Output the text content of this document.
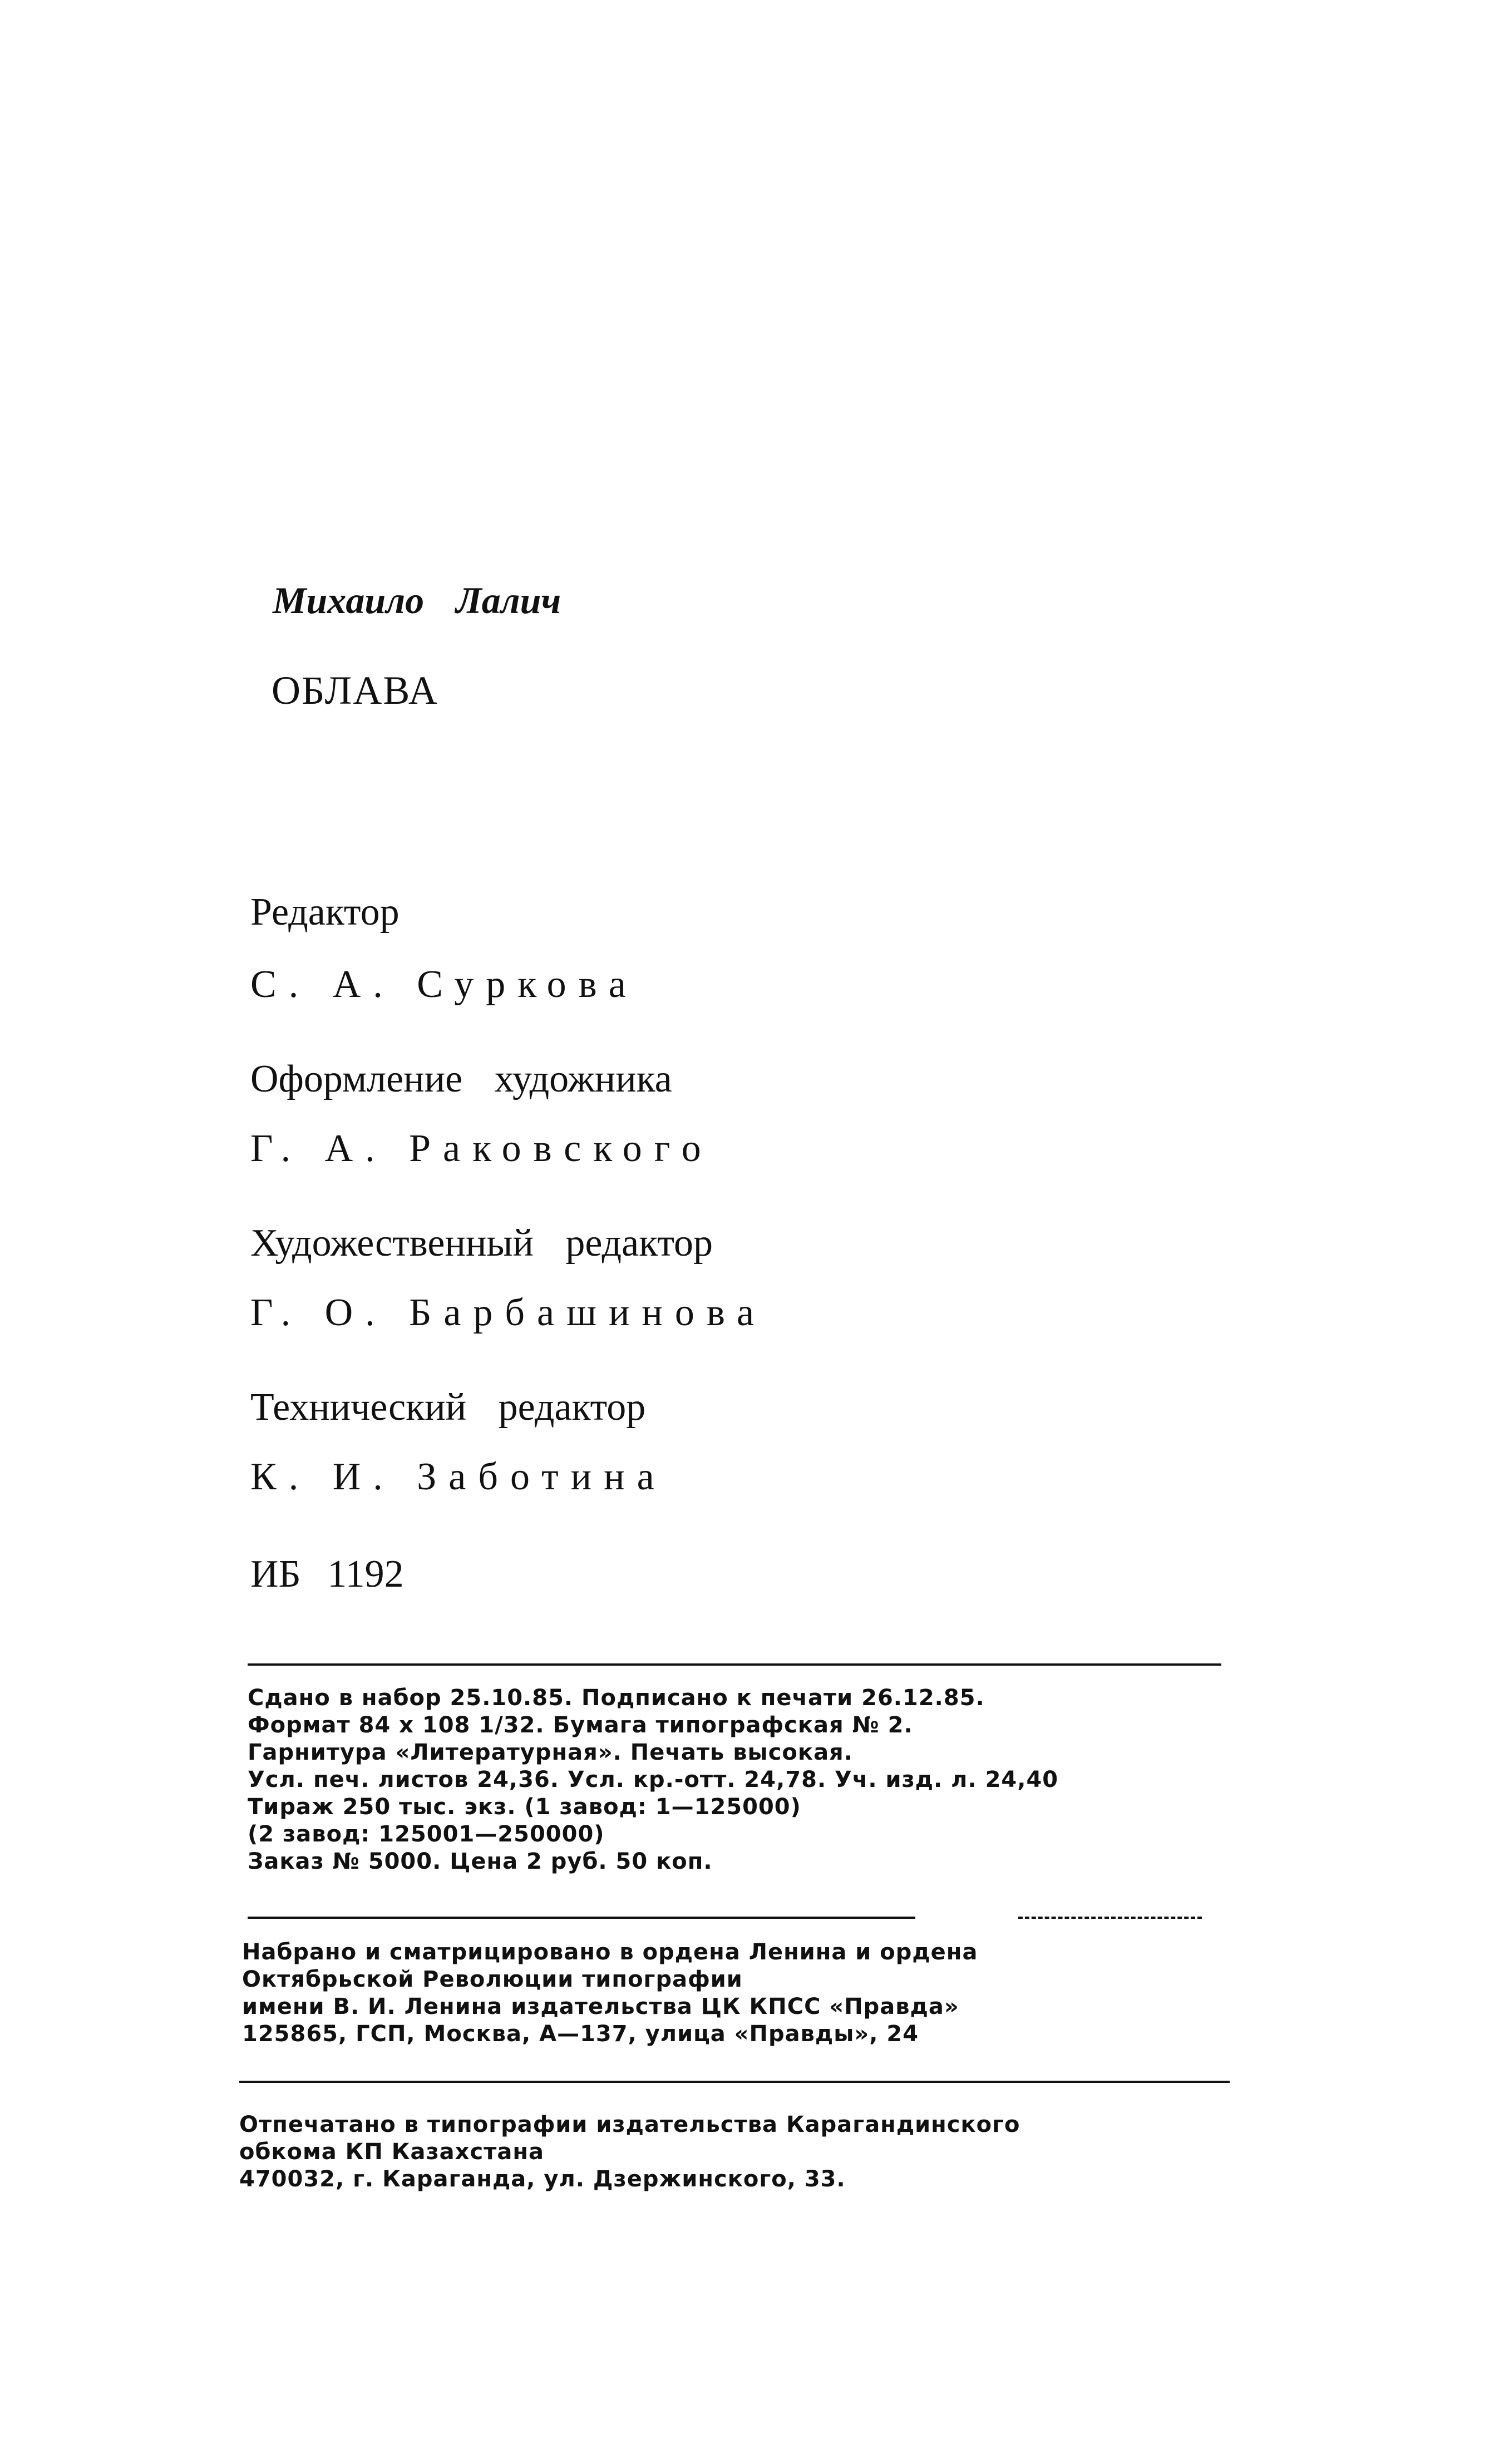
Михаило Лалич
ОБЛАВА
Редактор
С. А. Суркова
Оформление художника
Г. А. Раковского
Художественный редактор
Г. О. Барбашинова
Технический редактор
К. И. Заботина
ИБ 1192
Сдано в набор 25.10.85. Подписано к печати 26.12.85.
Формат 84 x 108 1/32. Бумага типографская № 2.
Гарнитура «Литературная». Печать высокая.
Усл. печ. листов 24,36. Усл. кр.-отт. 24,78. Уч. изд. л. 24,40
Тираж 250 тыс. экз. (1 завод: 1—125000)
(2 завод: 125001—250000)
Заказ № 5000. Цена 2 руб. 50 коп.
Набрано и сматрицировано в ордена Ленина и ордена
Октябрьской Революции типографии
имени В. И. Ленина издательства ЦК КПСС «Правда»
125865, ГСП, Москва, А—137, улица «Правды», 24
Отпечатано в типографии издательства Карагандинского
обкома КП Казахстана
470032, г. Караганда, ул. Дзержинского, 33.
